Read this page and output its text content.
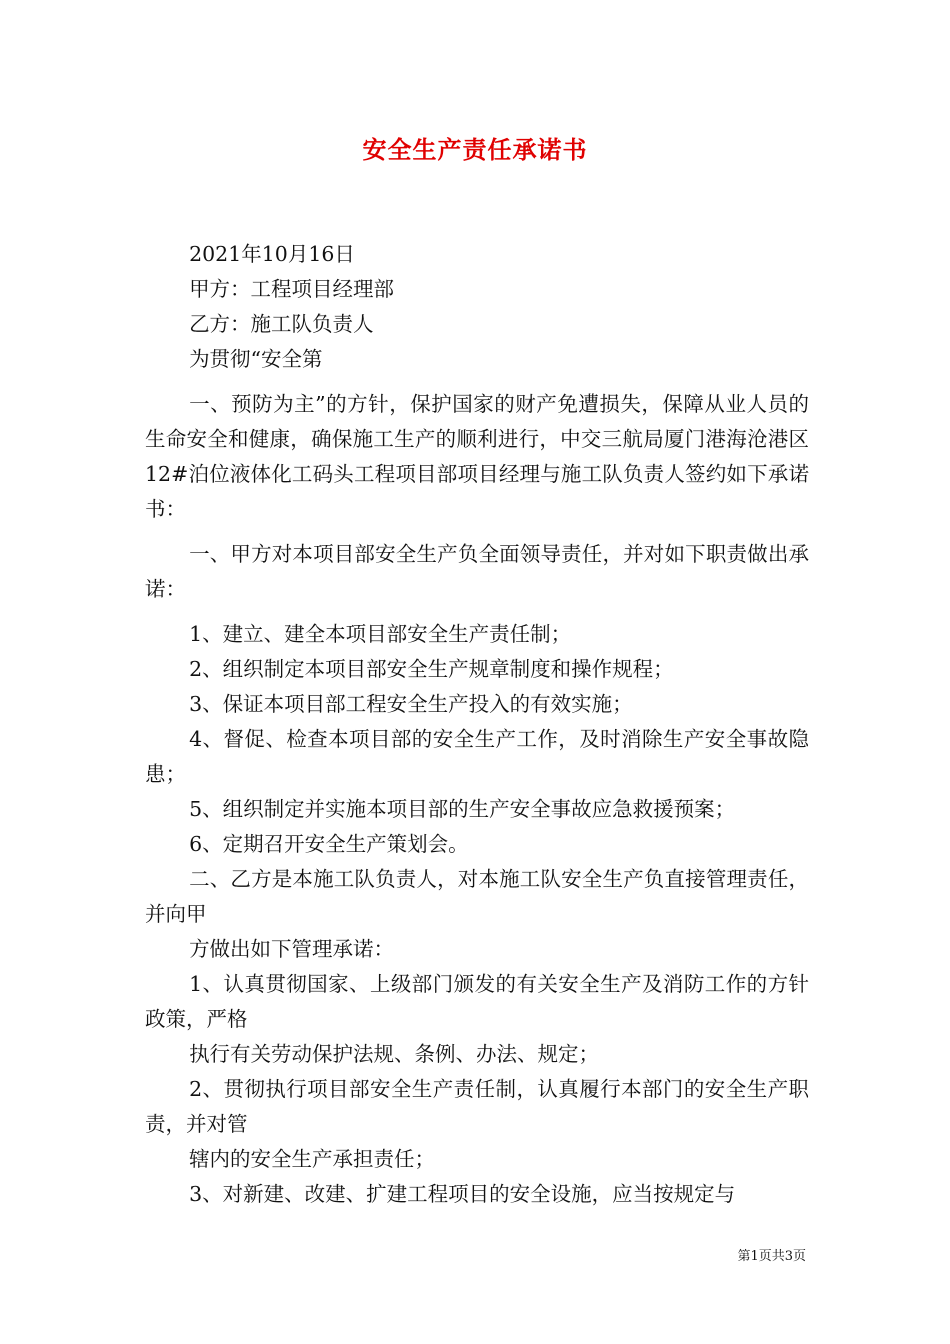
安全生产责任承诺书

2021年10月16日

甲方：工程项目经理部

乙方：施工队负责人

为贯彻“安全第

一、预防为主”的方针，保护国家的财产免遭损失，保障从业人员的生命安全和健康，确保施工生产的顺利进行，中交三航局厦门港海沧港区12#泊位液体化工码头工程项目部项目经理与施工队负责人签约如下承诺书：

一、甲方对本项目部安全生产负全面领导责任，并对如下职责做出承诺：

1、建立、建全本项目部安全生产责任制；

2、组织制定本项目部安全生产规章制度和操作规程；

3、保证本项目部工程安全生产投入的有效实施；

4、督促、检查本项目部的安全生产工作，及时消除生产安全事故隐患；

5、组织制定并实施本项目部的生产安全事故应急救援预案；

6、定期召开安全生产策划会。

二、乙方是本施工队负责人，对本施工队安全生产负直接管理责任，并向甲

方做出如下管理承诺：

1、认真贯彻国家、上级部门颁发的有关安全生产及消防工作的方针政策，严格

执行有关劳动保护法规、条例、办法、规定；

2、贯彻执行项目部安全生产责任制，认真履行本部门的安全生产职责，并对管

辖内的安全生产承担责任；

3、对新建、改建、扩建工程项目的安全设施，应当按规定与

第1页共3页
